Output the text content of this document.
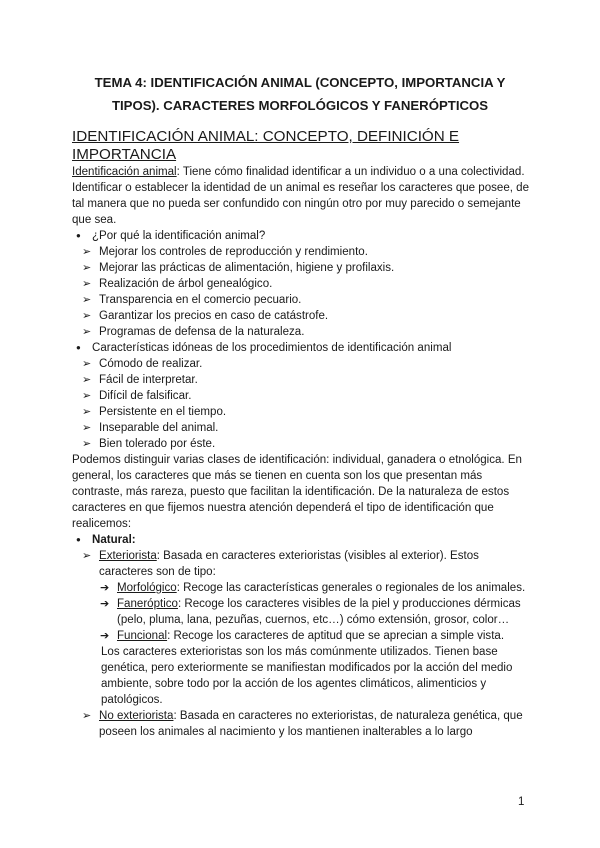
TEMA 4: IDENTIFICACIÓN ANIMAL (CONCEPTO, IMPORTANCIA Y TIPOS). CARACTERES MORFOLÓGICOS Y FANERÓPTICOS
IDENTIFICACIÓN ANIMAL: CONCEPTO, DEFINICIÓN E IMPORTANCIA

Identificación animal: Tiene cómo finalidad identificar a un individuo o a una colectividad. Identificar o establecer la identidad de un animal es reseñar los caracteres que posee, de tal manera que no pueda ser confundido con ningún otro por muy parecido o semejante que sea.

● ¿Por qué la identificación animal?
➢ Mejorar los controles de reproducción y rendimiento.
➢ Mejorar las prácticas de alimentación, higiene y profilaxis.
➢ Realización de árbol genealógico.
➢ Transparencia en el comercio pecuario.
➢ Garantizar los precios en caso de catástrofe.
➢ Programas de defensa de la naturaleza.
● Características idóneas de los procedimientos de identificación animal
➢ Cómodo de realizar.
➢ Fácil de interpretar.
➢ Difícil de falsificar.
➢ Persistente en el tiempo.
➢ Inseparable del animal.
➢ Bien tolerado por éste.

Podemos distinguir varias clases de identificación: individual, ganadera o etnológica. En general, los caracteres que más se tienen en cuenta son los que presentan más contraste, más rareza, puesto que facilitan la identificación. De la naturaleza de estos caracteres en que fijemos nuestra atención dependerá el tipo de identificación que realicemos:

● Natural:
➢ Exteriorista: Basada en caracteres exterioristas (visibles al exterior). Estos caracteres son de tipo:
➔ Morfológico: Recoge las características generales o regionales de los animales.
➔ Faneróptico: Recoge los caracteres visibles de la piel y producciones dérmicas (pelo, pluma, lana, pezuñas, cuernos, etc…) cómo extensión, grosor, color…
➔ Funcional: Recoge los caracteres de aptitud que se aprecian a simple vista.
Los caracteres exterioristas son los más comúnmente utilizados. Tienen base genética, pero exteriormente se manifiestan modificados por la acción del medio ambiente, sobre todo por la acción de los agentes climáticos, alimenticios y patológicos.
➢ No exteriorista: Basada en caracteres no exterioristas, de naturaleza genética, que poseen los animales al nacimiento y los mantienen inalterables a lo largo
1
